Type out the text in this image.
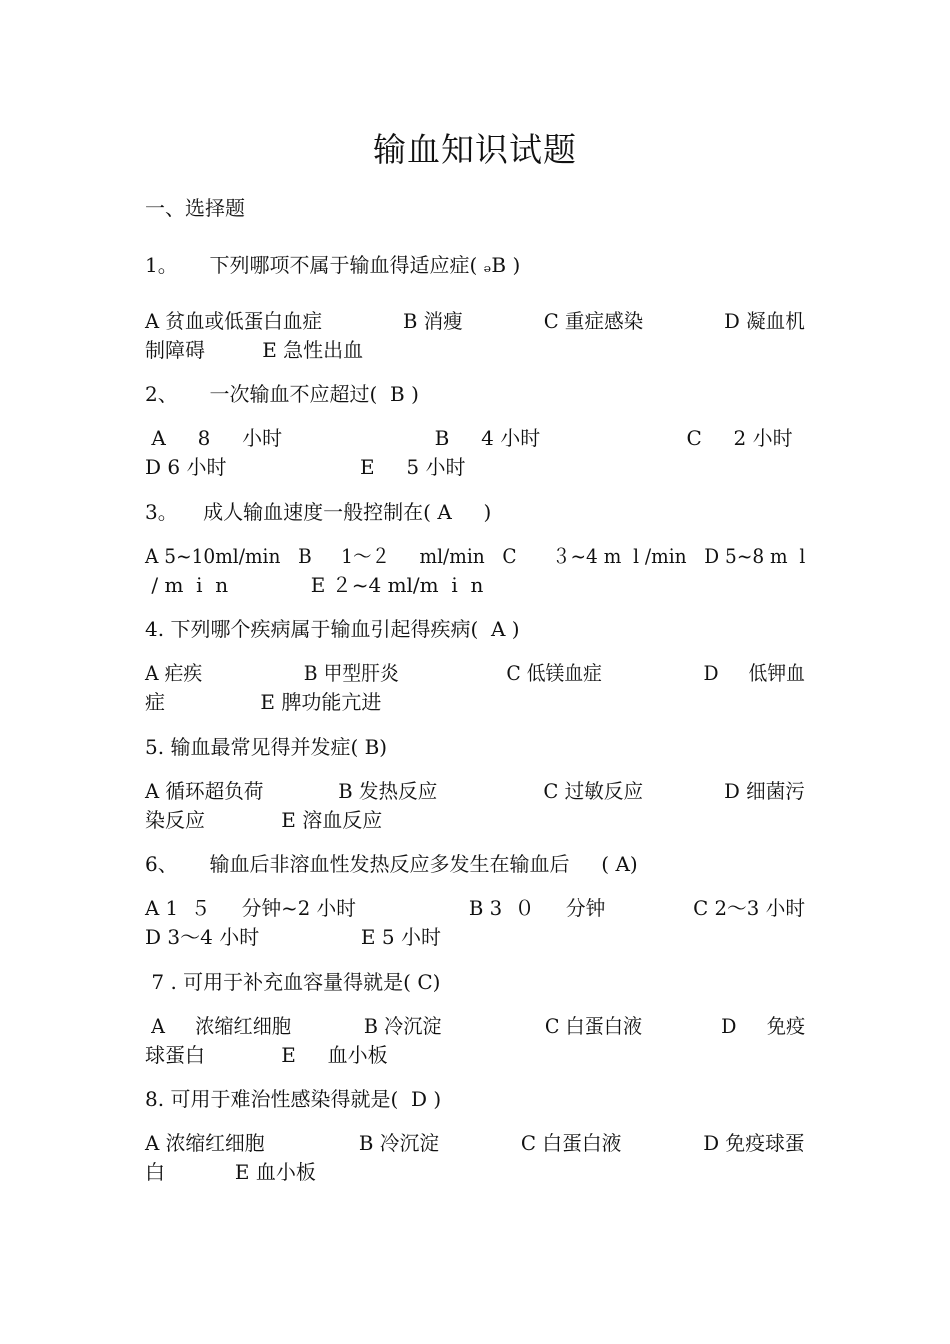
输血知识试题
一、选择题
1。     下列哪项不属于输血得适应症( ₔB )
A 贫血或低蛋白血症             B 消瘦             C 重症感染             D 凝血机
制障碍         E 急性出血
2、     一次输血不应超过(  B )
A     8     小时                        B     4 小时                       C     2 小时
D 6 小时                     E     5 小时
3。    成人输血速度一般控制在( A     )
A 5~10ml/min   B     1～２     ml/min   C      ３~4 m  l /min   D 5~8 m  l
/ m  i  n             E ２~4 ml/m  i  n
4. 下列哪个疾病属于输血引起得疾病(  A )
A 疟疾                 B 甲型肝炎                  C 低镁血症                 D     低钾血
症               E 脾功能亢进
5. 输血最常见得并发症( B)
A 循环超负荷            B 发热反应                 C 过敏反应             D 细菌污
染反应            E 溶血反应
6、     输血后非溶血性发热反应多发生在输血后     ( A)
A 1  ５     分钟~2 小时                  B 3  ０     分钟              C 2～3 小时
D 3～4 小时                E 5 小时
7 . 可用于补充血容量得就是( C)
A     浓缩红细胞            B 冷沉淀                 C 白蛋白液             D     免疫
球蛋白            E     血小板
8. 可用于难治性感染得就是(  D )
A 浓缩红细胞               B 冷沉淀             C 白蛋白液             D 免疫球蛋
白           E 血小板
